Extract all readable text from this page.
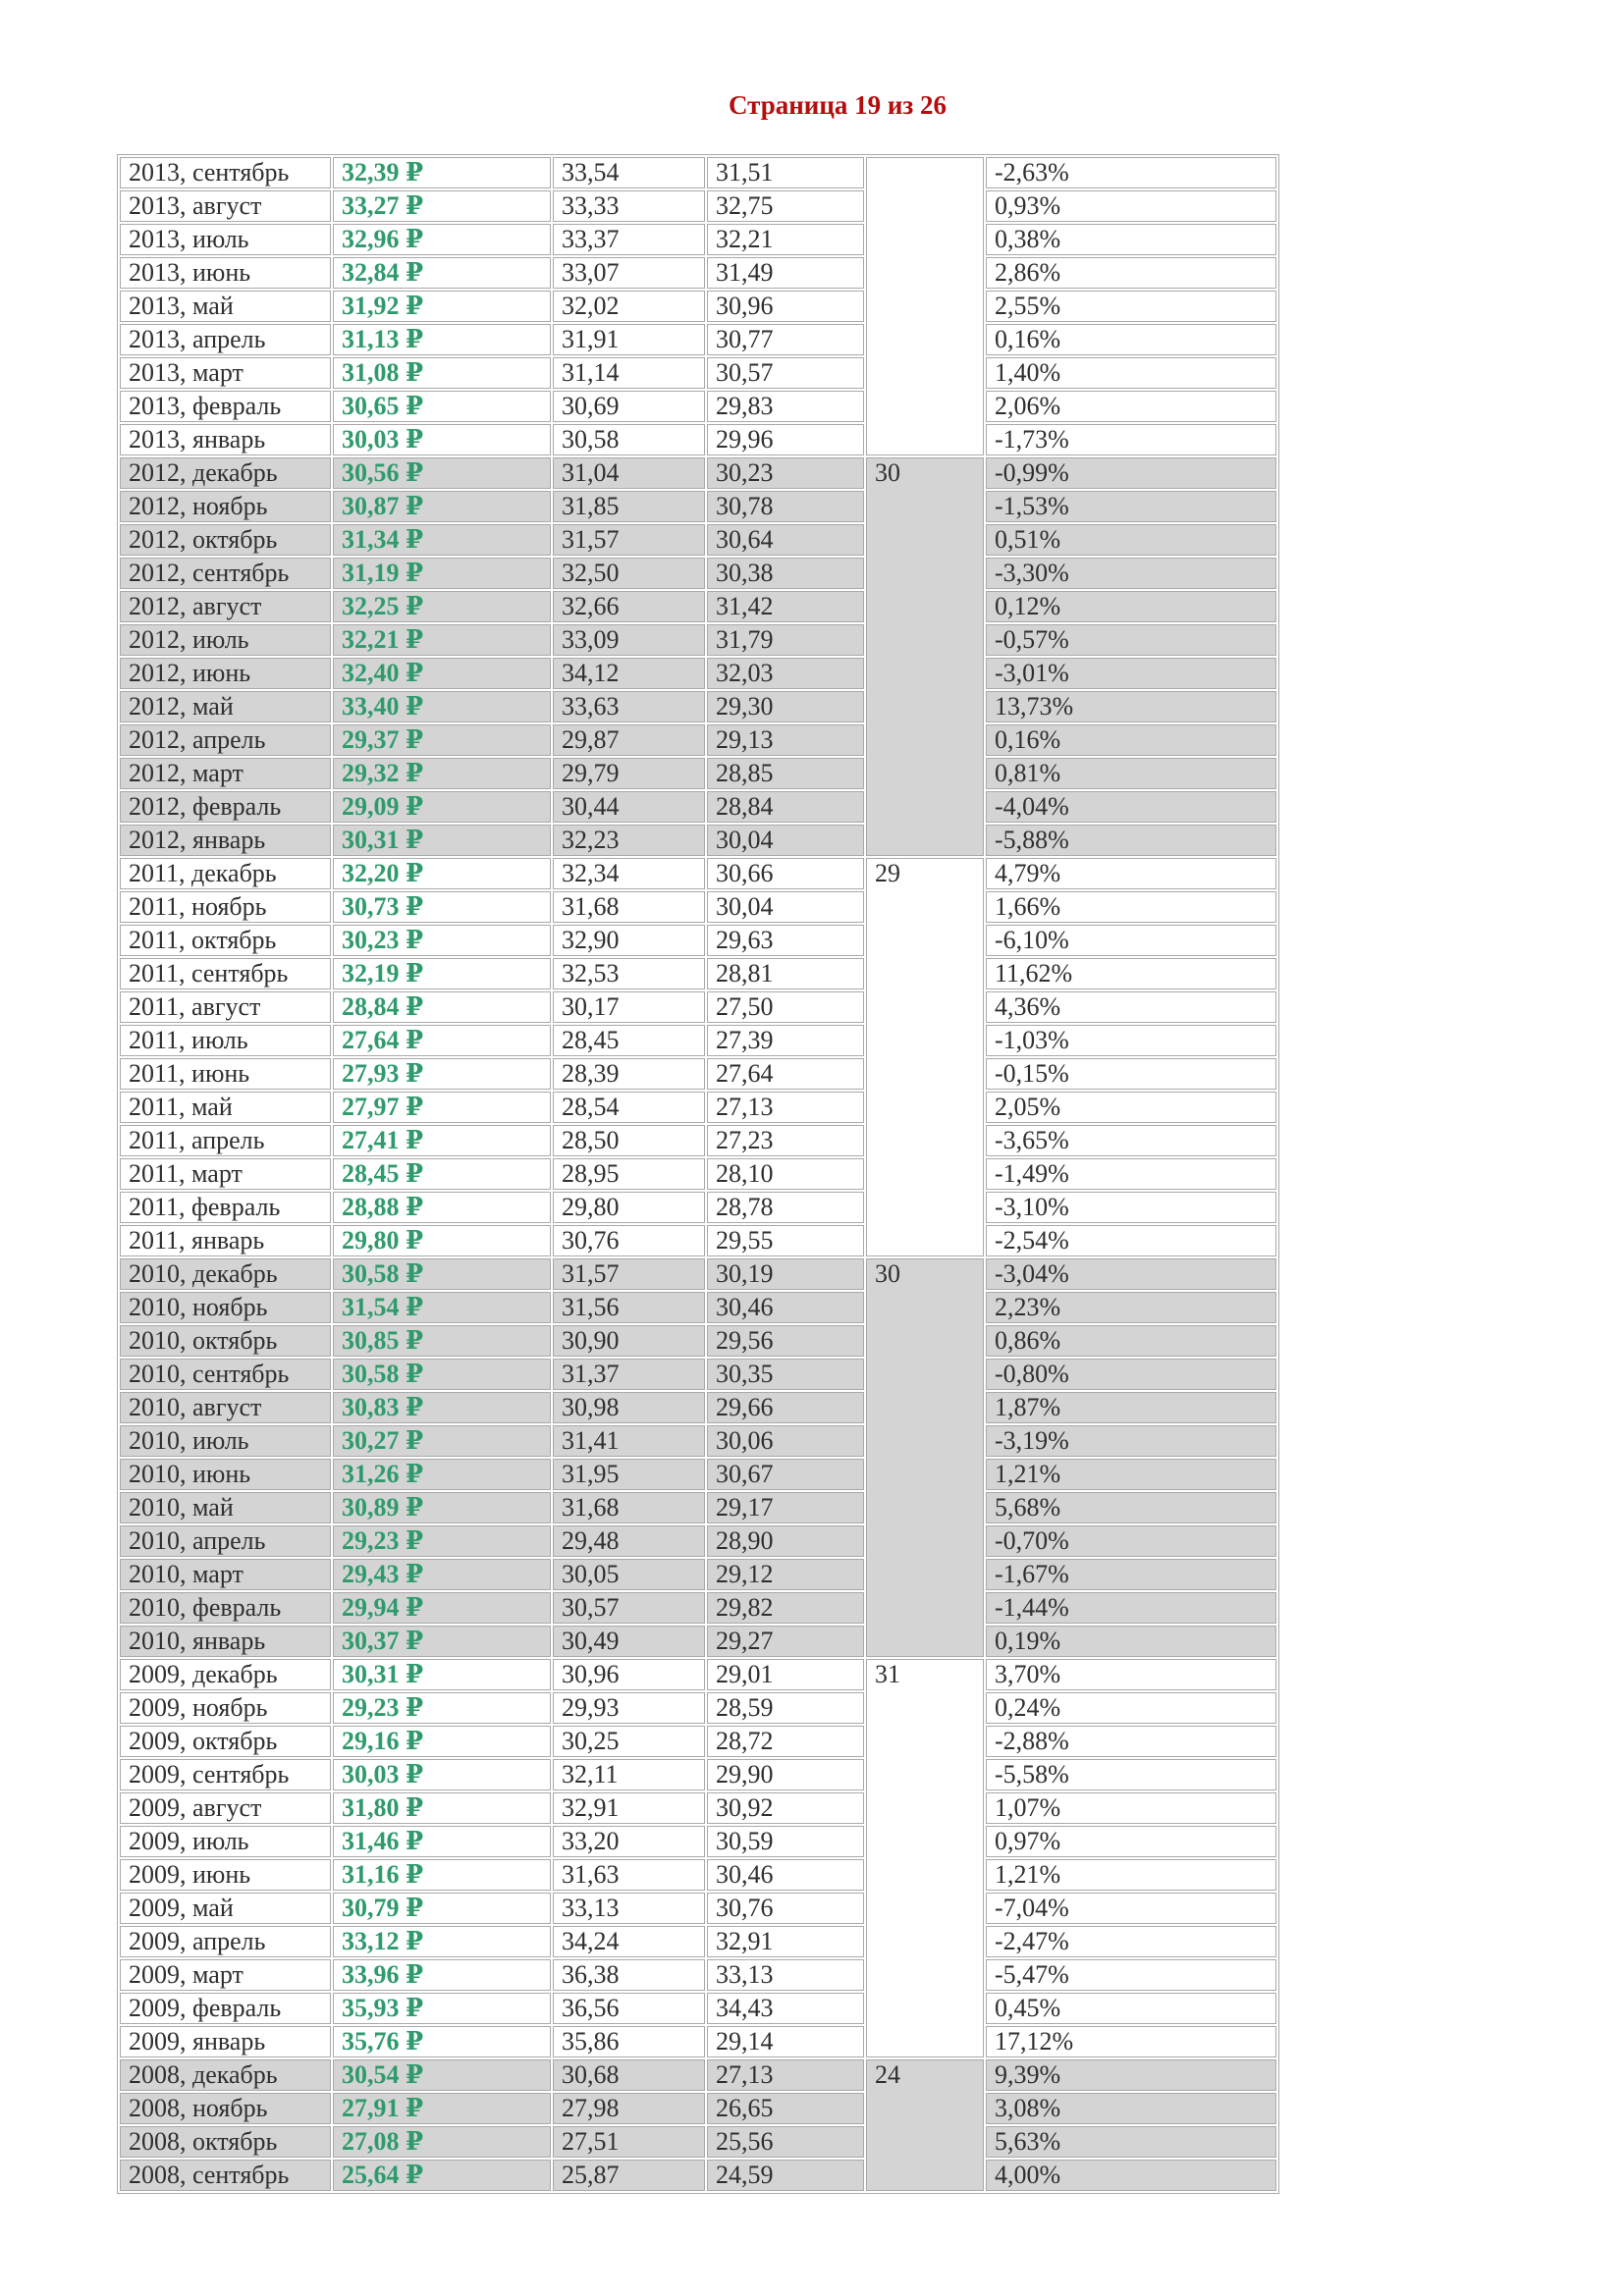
Страница 19 из 26
2013, сентябрь	32,39 ₽	33,54	31,51		-2,63%
2013, август	33,27 ₽	33,33	32,75		0,93%
2013, июль	32,96 ₽	33,37	32,21		0,38%
2013, июнь	32,84 ₽	33,07	31,49		2,86%
2013, май	31,92 ₽	32,02	30,96		2,55%
2013, апрель	31,13 ₽	31,91	30,77		0,16%
2013, март	31,08 ₽	31,14	30,57		1,40%
2013, февраль	30,65 ₽	30,69	29,83		2,06%
2013, январь	30,03 ₽	30,58	29,96		-1,73%
2012, декабрь	30,56 ₽	31,04	30,23	30	-0,99%
2012, ноябрь	30,87 ₽	31,85	30,78		-1,53%
2012, октябрь	31,34 ₽	31,57	30,64		0,51%
2012, сентябрь	31,19 ₽	32,50	30,38		-3,30%
2012, август	32,25 ₽	32,66	31,42		0,12%
2012, июль	32,21 ₽	33,09	31,79		-0,57%
2012, июнь	32,40 ₽	34,12	32,03		-3,01%
2012, май	33,40 ₽	33,63	29,30		13,73%
2012, апрель	29,37 ₽	29,87	29,13		0,16%
2012, март	29,32 ₽	29,79	28,85		0,81%
2012, февраль	29,09 ₽	30,44	28,84		-4,04%
2012, январь	30,31 ₽	32,23	30,04		-5,88%
2011, декабрь	32,20 ₽	32,34	30,66	29	4,79%
2011, ноябрь	30,73 ₽	31,68	30,04		1,66%
2011, октябрь	30,23 ₽	32,90	29,63		-6,10%
2011, сентябрь	32,19 ₽	32,53	28,81		11,62%
2011, август	28,84 ₽	30,17	27,50		4,36%
2011, июль	27,64 ₽	28,45	27,39		-1,03%
2011, июнь	27,93 ₽	28,39	27,64		-0,15%
2011, май	27,97 ₽	28,54	27,13		2,05%
2011, апрель	27,41 ₽	28,50	27,23		-3,65%
2011, март	28,45 ₽	28,95	28,10		-1,49%
2011, февраль	28,88 ₽	29,80	28,78		-3,10%
2011, январь	29,80 ₽	30,76	29,55		-2,54%
2010, декабрь	30,58 ₽	31,57	30,19	30	-3,04%
2010, ноябрь	31,54 ₽	31,56	30,46		2,23%
2010, октябрь	30,85 ₽	30,90	29,56		0,86%
2010, сентябрь	30,58 ₽	31,37	30,35		-0,80%
2010, август	30,83 ₽	30,98	29,66		1,87%
2010, июль	30,27 ₽	31,41	30,06		-3,19%
2010, июнь	31,26 ₽	31,95	30,67		1,21%
2010, май	30,89 ₽	31,68	29,17		5,68%
2010, апрель	29,23 ₽	29,48	28,90		-0,70%
2010, март	29,43 ₽	30,05	29,12		-1,67%
2010, февраль	29,94 ₽	30,57	29,82		-1,44%
2010, январь	30,37 ₽	30,49	29,27		0,19%
2009, декабрь	30,31 ₽	30,96	29,01	31	3,70%
2009, ноябрь	29,23 ₽	29,93	28,59		0,24%
2009, октябрь	29,16 ₽	30,25	28,72		-2,88%
2009, сентябрь	30,03 ₽	32,11	29,90		-5,58%
2009, август	31,80 ₽	32,91	30,92		1,07%
2009, июль	31,46 ₽	33,20	30,59		0,97%
2009, июнь	31,16 ₽	31,63	30,46		1,21%
2009, май	30,79 ₽	33,13	30,76		-7,04%
2009, апрель	33,12 ₽	34,24	32,91		-2,47%
2009, март	33,96 ₽	36,38	33,13		-5,47%
2009, февраль	35,93 ₽	36,56	34,43		0,45%
2009, январь	35,76 ₽	35,86	29,14		17,12%
2008, декабрь	30,54 ₽	30,68	27,13	24	9,39%
2008, ноябрь	27,91 ₽	27,98	26,65		3,08%
2008, октябрь	27,08 ₽	27,51	25,56		5,63%
2008, сентябрь	25,64 ₽	25,87	24,59		4,00%
